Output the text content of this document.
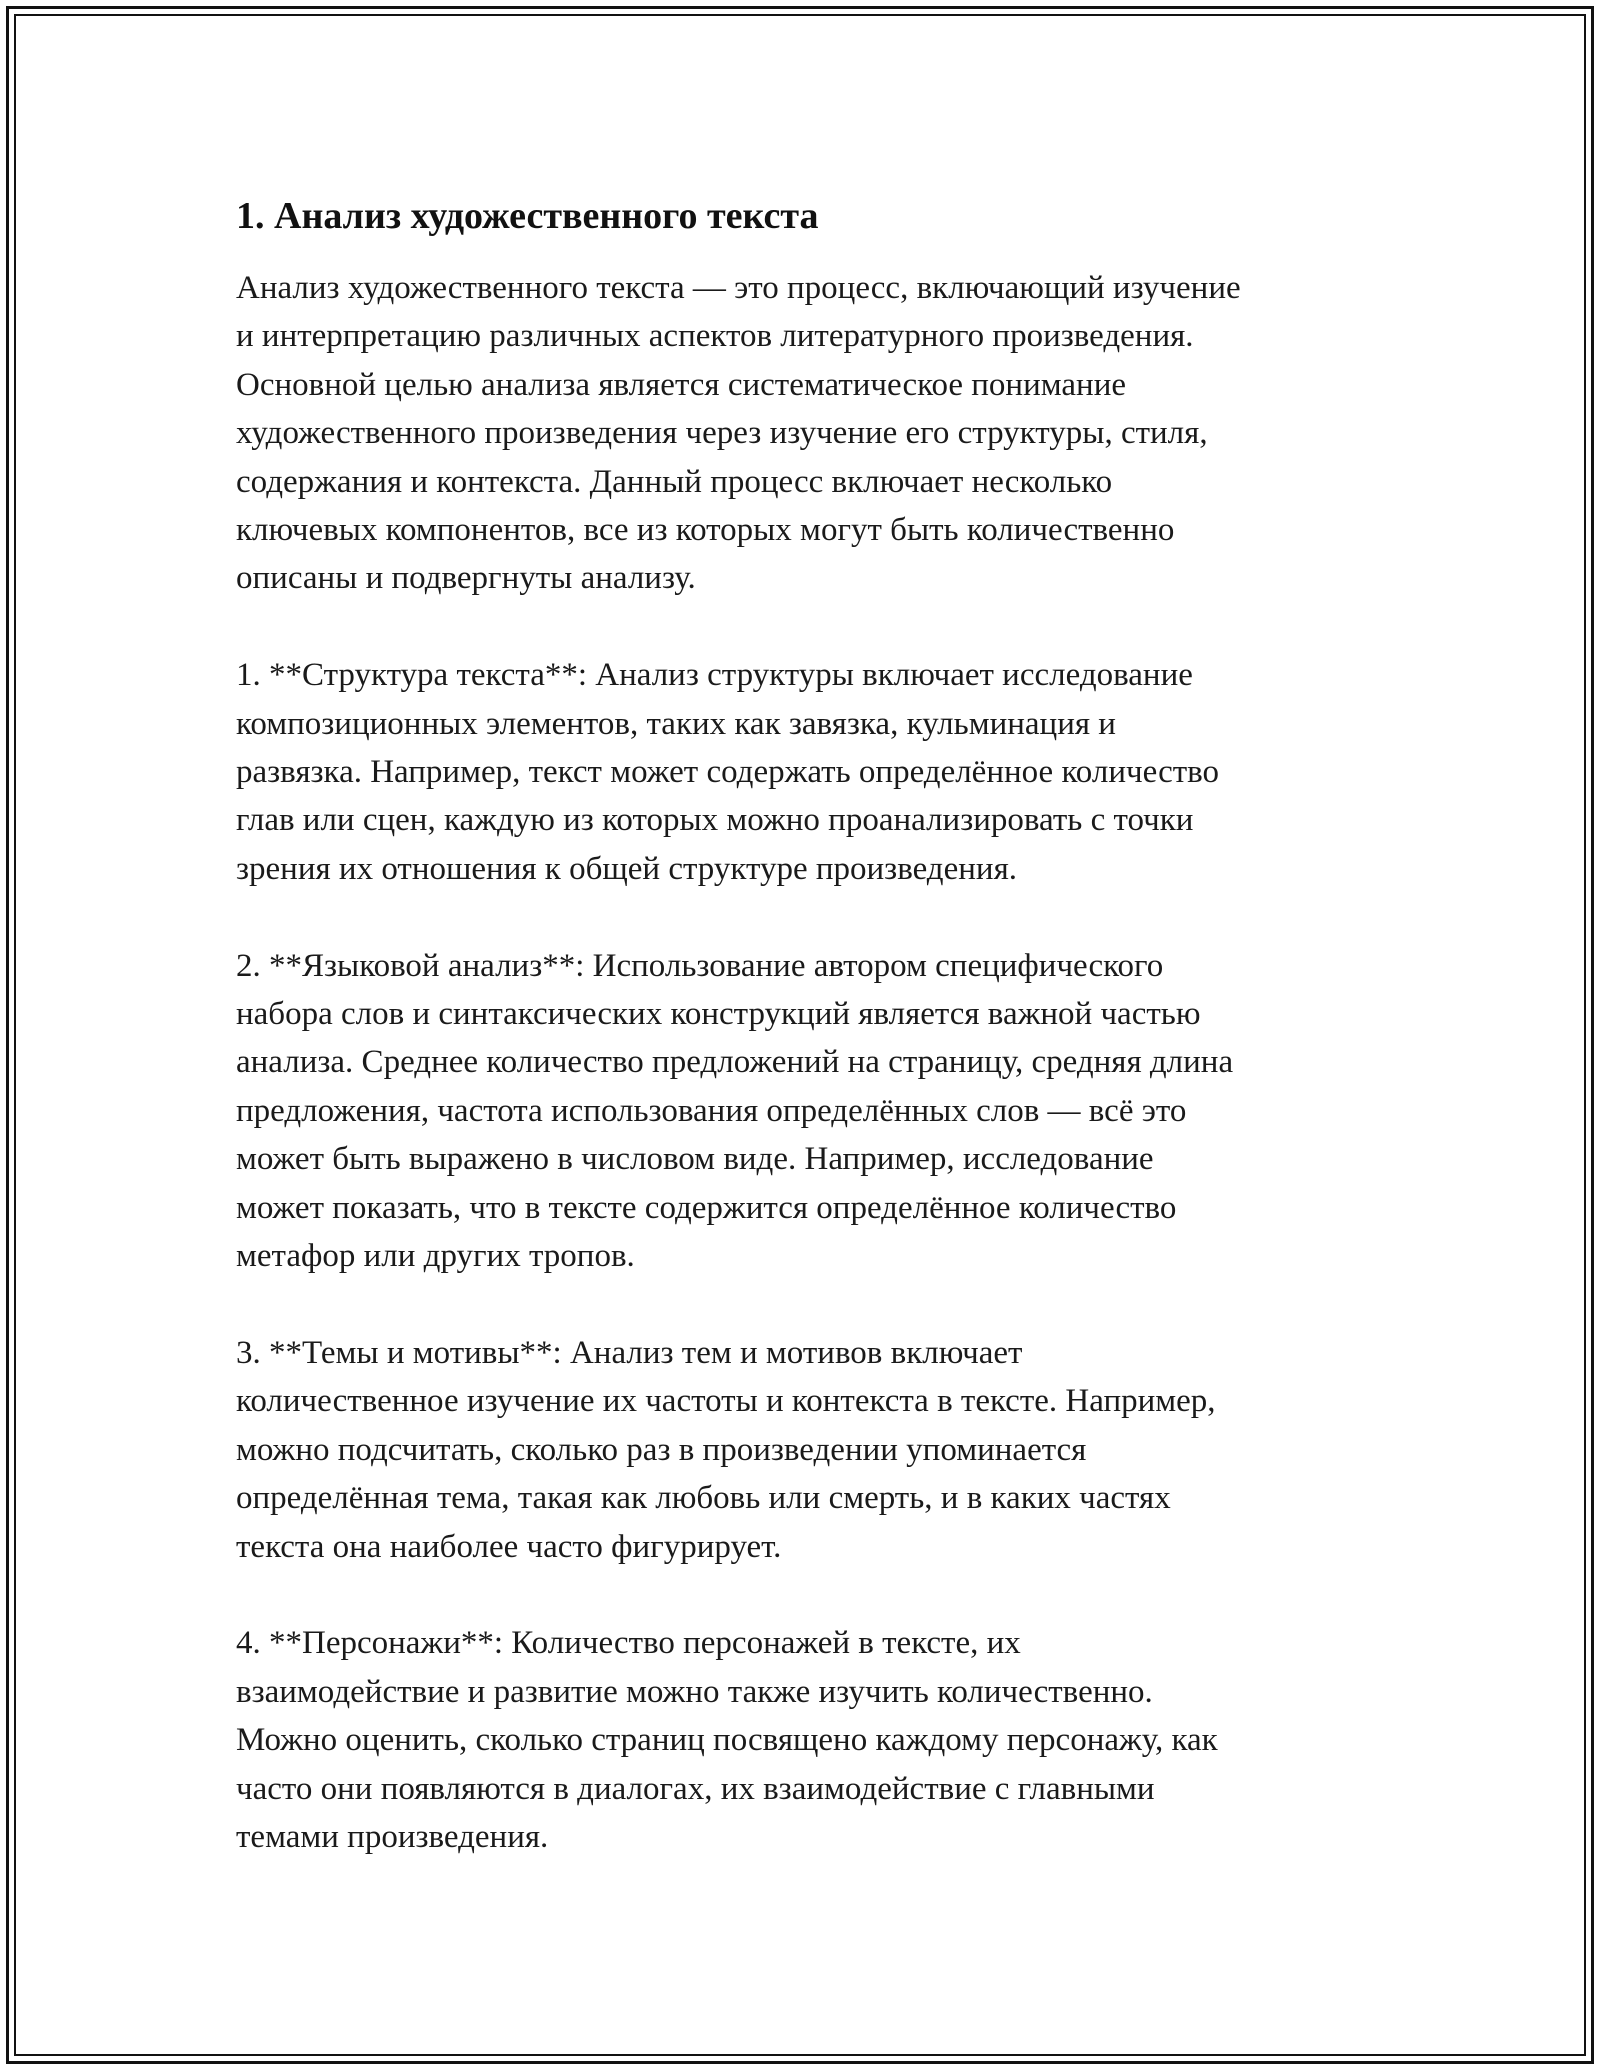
1. Анализ художественного текста
Анализ художественного текста — это процесс, включающий изучение
и интерпретацию различных аспектов литературного произведения.
Основной целью анализа является систематическое понимание
художественного произведения через изучение его структуры, стиля,
содержания и контекста. Данный процесс включает несколько
ключевых компонентов, все из которых могут быть количественно
описаны и подвергнуты анализу.
1. **Структура текста**: Анализ структуры включает исследование
композиционных элементов, таких как завязка, кульминация и
развязка. Например, текст может содержать определённое количество
глав или сцен, каждую из которых можно проанализировать с точки
зрения их отношения к общей структуре произведения.
2. **Языковой анализ**: Использование автором специфического
набора слов и синтаксических конструкций является важной частью
анализа. Среднее количество предложений на страницу, средняя длина
предложения, частота использования определённых слов — всё это
может быть выражено в числовом виде. Например, исследование
может показать, что в тексте содержится определённое количество
метафор или других тропов.
3. **Темы и мотивы**: Анализ тем и мотивов включает
количественное изучение их частоты и контекста в тексте. Например,
можно подсчитать, сколько раз в произведении упоминается
определённая тема, такая как любовь или смерть, и в каких частях
текста она наиболее часто фигурирует.
4. **Персонажи**: Количество персонажей в тексте, их
взаимодействие и развитие можно также изучить количественно.
Можно оценить, сколько страниц посвящено каждому персонажу, как
часто они появляются в диалогах, их взаимодействие с главными
темами произведения.
